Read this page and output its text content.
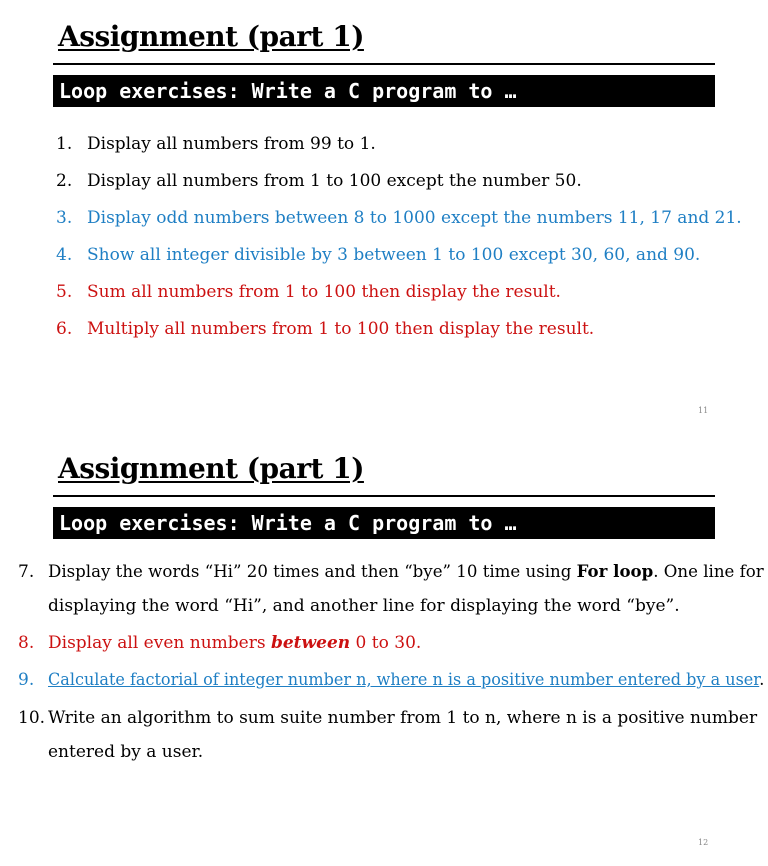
Assignment (part 1)
Loop exercises: Write a C program to …
1. Display all numbers from 99 to 1.
2. Display all numbers from 1 to 100 except the number 50.
3. Display odd numbers between 8 to 1000 except the numbers 11, 17 and 21.
4. Show all integer divisible by 3 between 1 to 100 except 30, 60, and 90.
5. Sum all numbers from 1 to 100 then display the result.
6. Multiply all numbers from 1 to 100 then display the result.
11
Assignment (part 1)
Loop exercises: Write a C program to …
7. Display the words “Hi” 20 times and then “bye” 10 time using For loop. One line for
displaying the word “Hi”, and another line for displaying the word “bye”.
8. Display all even numbers between 0 to 30.
9. Calculate factorial of integer number n, where n is a positive number entered by a user.
10. Write an algorithm to sum suite number from 1 to n, where n is a positive number
entered by a user.
12
